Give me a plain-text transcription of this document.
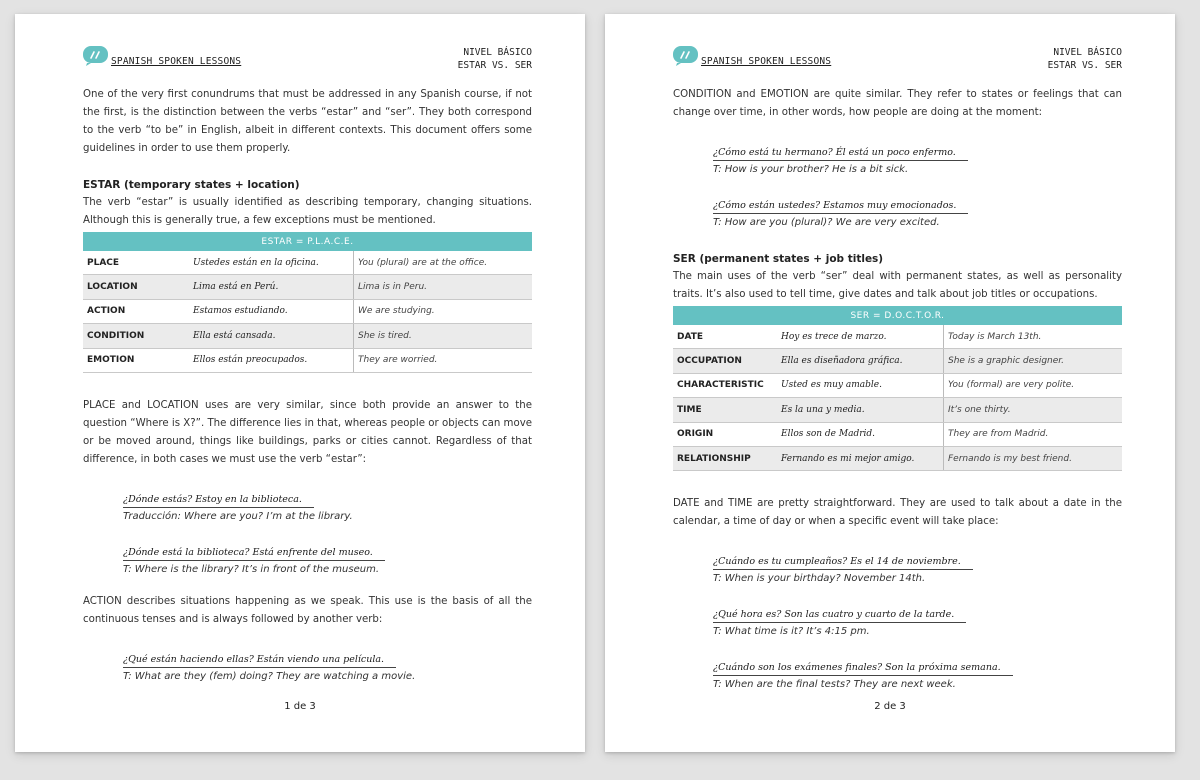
SPANISH SPOKEN LESSONS
NIVEL BÁSICO
ESTAR VS. SER

One of the very first conundrums that must be addressed in any Spanish course, if not the first, is the distinction between the verbs “estar” and “ser”. They both correspond to the verb “to be” in English, albeit in different contexts. This document offers some guidelines in order to use them properly.

ESTAR (temporary states + location)

The verb “estar” is usually identified as describing temporary, changing situations. Although this is generally true, a few exceptions must be mentioned.

ESTAR = P.L.A.C.E.		
PLACE	Ustedes están en la oficina.	You (plural) are at the office.
LOCATION	Lima está en Perú.	Lima is in Peru.
ACTION	Estamos estudiando.	We are studying.
CONDITION	Ella está cansada.	She is tired.
EMOTION	Ellos están preocupados.	They are worried.

PLACE and LOCATION uses are very similar, since both provide an answer to the question “Where is X?”. The difference lies in that, whereas people or objects can move or be moved around, things like buildings, parks or cities cannot. Regardless of that difference, in both cases we must use the verb “estar”:

¿Dónde estás? Estoy en la biblioteca.
Traducción: Where are you? I’m at the library.
¿Dónde está la biblioteca? Está enfrente del museo.
T: Where is the library? It’s in front of the museum.

ACTION describes situations happening as we speak. This use is the basis of all the continuous tenses and is always followed by another verb:

¿Qué están haciendo ellas? Están viendo una película.
T: What are they (fem) doing? They are watching a movie.
1 de 3
SPANISH SPOKEN LESSONS
NIVEL BÁSICO
ESTAR VS. SER

CONDITION and EMOTION are quite similar. They refer to states or feelings that can change over time, in other words, how people are doing at the moment:

¿Cómo está tu hermano? Él está un poco enfermo.
T: How is your brother? He is a bit sick.
¿Cómo están ustedes? Estamos muy emocionados.
T: How are you (plural)? We are very excited.
SER (permanent states + job titles)

The main uses of the verb “ser” deal with permanent states, as well as personality traits. It’s also used to tell time, give dates and talk about job titles or occupations.

SER = D.O.C.T.O.R.		
DATE	Hoy es trece de marzo.	Today is March 13th.
OCCUPATION	Ella es diseñadora gráfica.	She is a graphic designer.
CHARACTERISTIC	Usted es muy amable.	You (formal) are very polite.
TIME	Es la una y media.	It’s one thirty.
ORIGIN	Ellos son de Madrid.	They are from Madrid.
RELATIONSHIP	Fernando es mi mejor amigo.	Fernando is my best friend.

DATE and TIME are pretty straightforward. They are used to talk about a date in the calendar, a time of day or when a specific event will take place:

¿Cuándo es tu cumpleaños? Es el 14 de noviembre.
T: When is your birthday? November 14th.
¿Qué hora es? Son las cuatro y cuarto de la tarde.
T: What time is it? It’s 4:15 pm.
¿Cuándo son los exámenes finales? Son la próxima semana.
T: When are the final tests? They are next week.
2 de 3
